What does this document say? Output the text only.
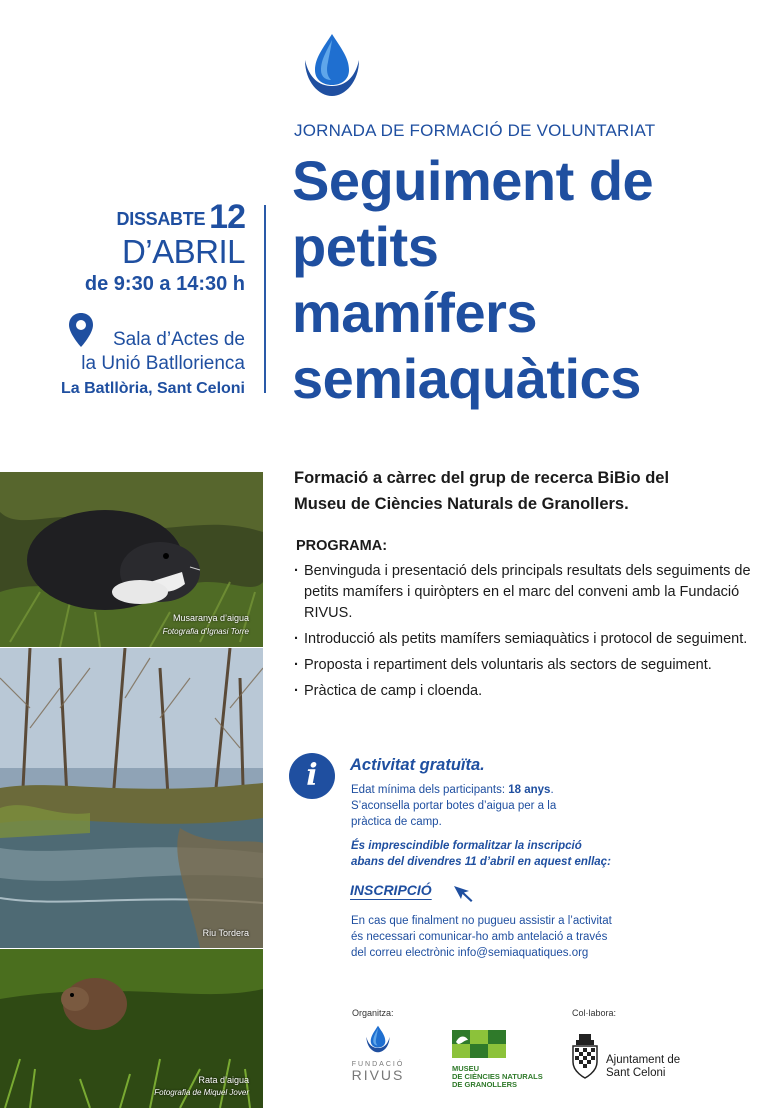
JORNADA DE FORMACIÓ DE VOLUNTARIAT
Seguiment de
petits
mamífers
semiaquàtics
DISSABTE 12
D’ABRIL
de 9:30 a 14:30 h
Sala d’Actes de
la Unió Batllorienca
La Batllòria, Sant Celoni
Musaranya d’aigua
Fotografia d’Ignasi Torre
Riu Tordera
Rata d’aigua
Fotografia de Miquel Jover
Formació a càrrec del grup de recerca BiBio del
Museu de Ciències Naturals de Granollers.
PROGRAMA:
· Benvinguda i presentació dels principals resultats dels seguiments de petits mamífers i quiròpters en el marc del conveni amb la Fundació RIVUS.
· Introducció als petits mamífers semiaquàtics i protocol de seguiment.
· Proposta i repartiment dels voluntaris als sectors de seguiment.
· Pràctica de camp i cloenda.
i	Activitat gratuïta.
Edat mínima dels participants: 18 anys.
S’aconsella portar botes d’aigua per a la
pràctica de camp.
És imprescindible formalitzar la inscripció
abans del divendres 11 d’abril en aquest enllaç:
INSCRIPCIÓ
En cas que finalment no pugueu assistir a l’activitat
és necessari comunicar-ho amb antelació a través
del correu electrònic info@semiaquatiques.org
Organitza:	Col·labora:
FUNDACIÓ
RIVUS	MUSEU
DE CIÈNCIES NATURALS
DE GRANOLLERS
Ajuntament de
Sant Celoni
